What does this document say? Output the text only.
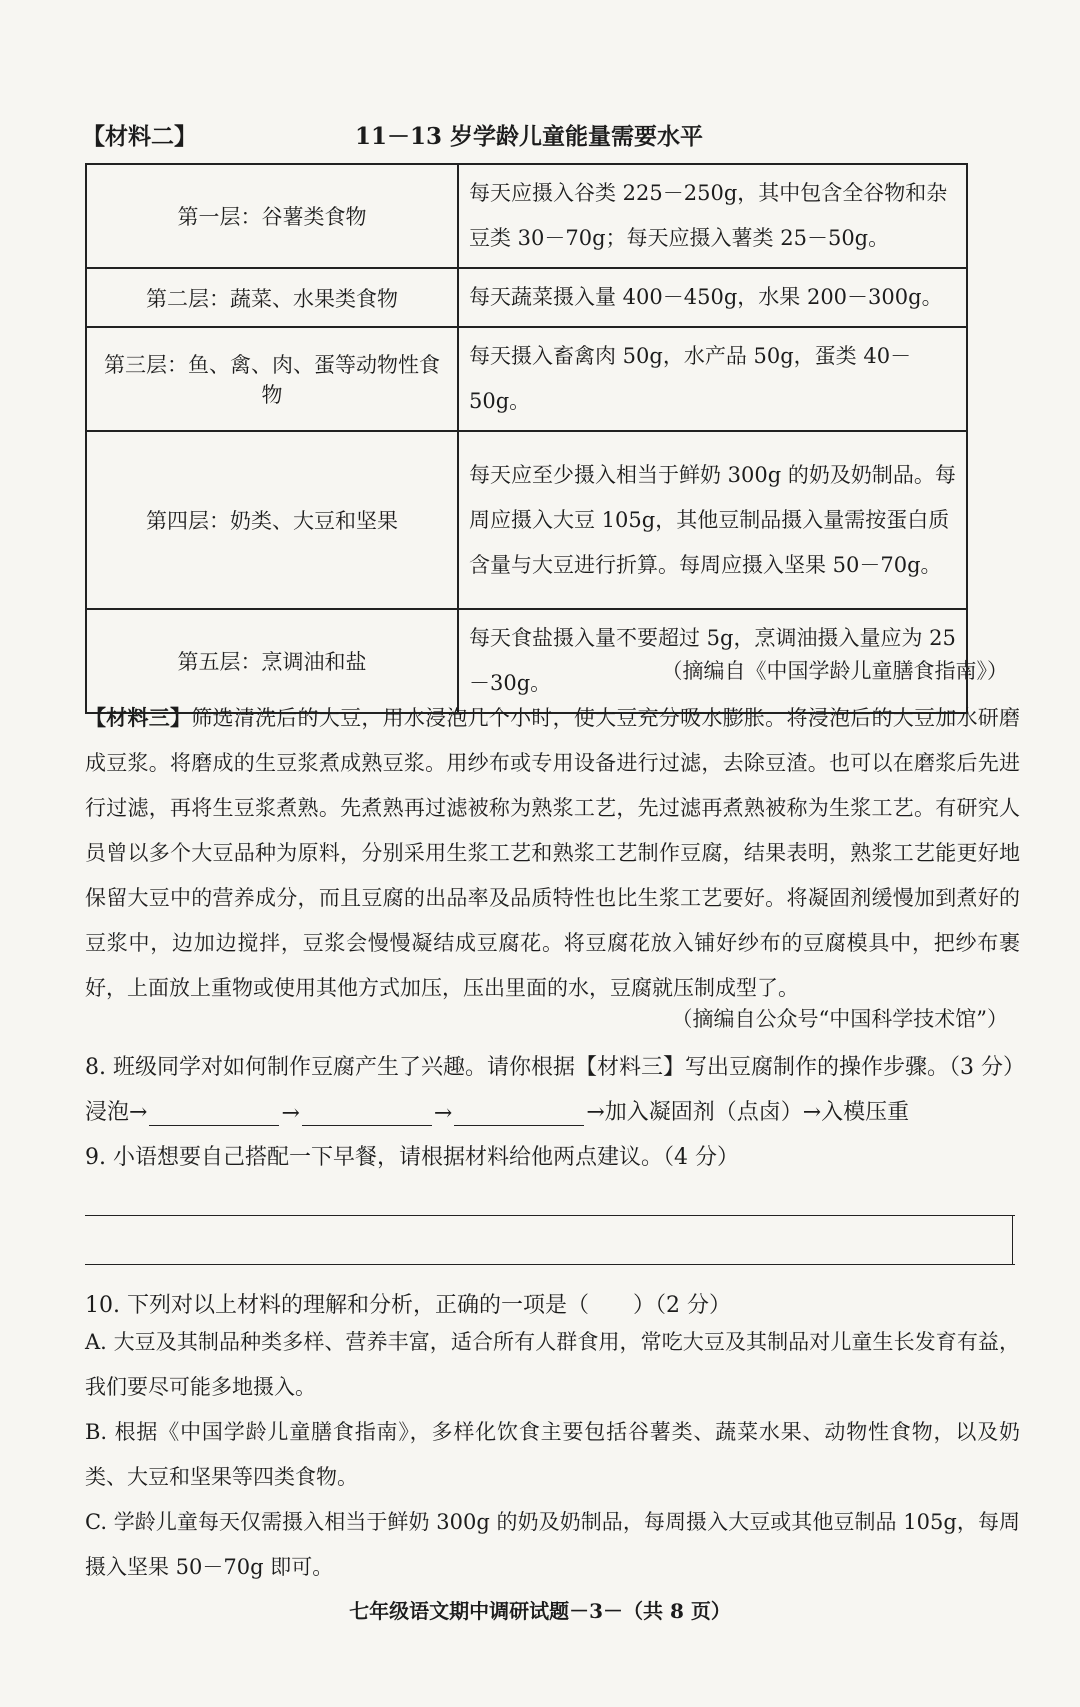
【材料二】	11－13 岁学龄儿童能量需要水平
第一层：谷薯类食物	每天应摄入谷类 225－250g，其中包含全谷物和杂豆类 30－70g；每天应摄入薯类 25－50g。
第二层：蔬菜、水果类食物	每天蔬菜摄入量 400－450g，水果 200－300g。
第三层：鱼、禽、肉、蛋等动物性食物	每天摄入畜禽肉 50g，水产品 50g，蛋类 40－50g。
第四层：奶类、大豆和坚果	每天应至少摄入相当于鲜奶 300g 的奶及奶制品。每周应摄入大豆 105g，其他豆制品摄入量需按蛋白质含量与大豆进行折算。每周应摄入坚果 50－70g。
第五层：烹调油和盐	每天食盐摄入量不要超过 5g，烹调油摄入量应为 25－30g。	（摘编自《中国学龄儿童膳食指南》）
【材料三】筛选清洗后的大豆，用水浸泡几个小时，使大豆充分吸水膨胀。将浸泡后的大豆加水研磨成豆浆。将磨成的生豆浆煮成熟豆浆。用纱布或专用设备进行过滤，去除豆渣。也可以在磨浆后先进行过滤，再将生豆浆煮熟。先煮熟再过滤被称为熟浆工艺，先过滤再煮熟被称为生浆工艺。有研究人员曾以多个大豆品种为原料，分别采用生浆工艺和熟浆工艺制作豆腐，结果表明，熟浆工艺能更好地保留大豆中的营养成分，而且豆腐的出品率及品质特性也比生浆工艺要好。将凝固剂缓慢加到煮好的豆浆中，边加边搅拌，豆浆会慢慢凝结成豆腐花。将豆腐花放入铺好纱布的豆腐模具中，把纱布裹好，上面放上重物或使用其他方式加压，压出里面的水，豆腐就压制成型了。
（摘编自公众号“中国科学技术馆”）
8. 班级同学对如何制作豆腐产生了兴趣。请你根据【材料三】写出豆腐制作的操作步骤。（3 分）
浸泡→	→	→	→加入凝固剂（点卤）→入模压重
9. 小语想要自己搭配一下早餐，请根据材料给他两点建议。（4 分）
10. 下列对以上材料的理解和分析，正确的一项是（　　）（2 分）
A. 大豆及其制品种类多样、营养丰富，适合所有人群食用，常吃大豆及其制品对儿童生长发育有益，我们要尽可能多地摄入。
B. 根据《中国学龄儿童膳食指南》，多样化饮食主要包括谷薯类、蔬菜水果、动物性食物，以及奶类、大豆和坚果等四类食物。
C. 学龄儿童每天仅需摄入相当于鲜奶 300g 的奶及奶制品，每周摄入大豆或其他豆制品 105g，每周摄入坚果 50－70g 即可。
七年级语文期中调研试题－3－（共 8 页）
